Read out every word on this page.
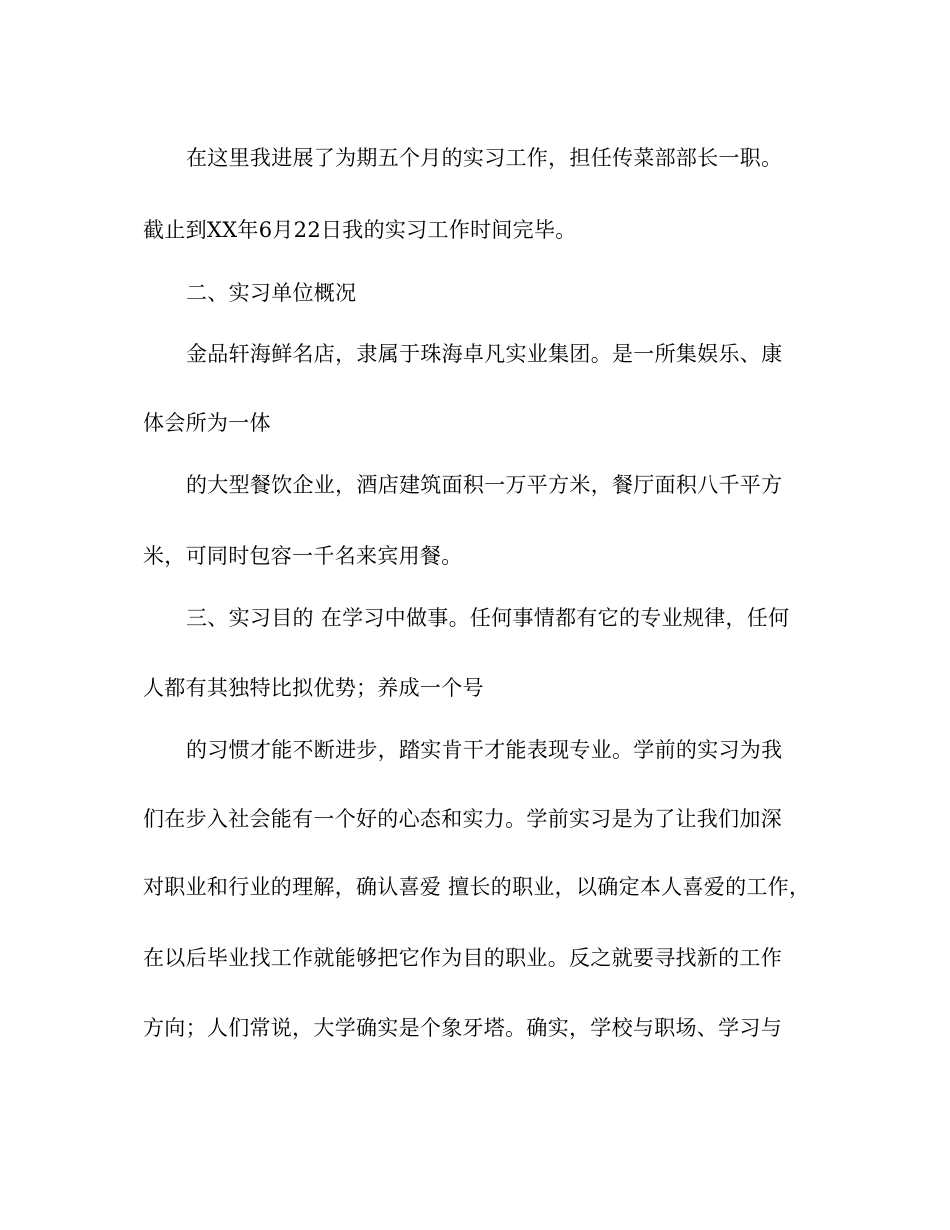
在这里我进展了为期五个月的实习工作，担任传菜部部长一职。
截止到XX年6月22日我的实习工作时间完毕。
二、实习单位概况
金品轩海鲜名店，隶属于珠海卓凡实业集团。是一所集娱乐、康
体会所为一体
的大型餐饮企业，酒店建筑面积一万平方米，餐厅面积八千平方
米，可同时包容一千名来宾用餐。
三、实习目的 在学习中做事。任何事情都有它的专业规律，任何
人都有其独特比拟优势；养成一个号
的习惯才能不断进步，踏实肯干才能表现专业。学前的实习为我
们在步入社会能有一个好的心态和实力。学前实习是为了让我们加深
对职业和行业的理解，确认喜爱 擅长的职业，以确定本人喜爱的工作，
在以后毕业找工作就能够把它作为目的职业。反之就要寻找新的工作
方向；人们常说，大学确实是个象牙塔。确实，学校与职场、学习与
